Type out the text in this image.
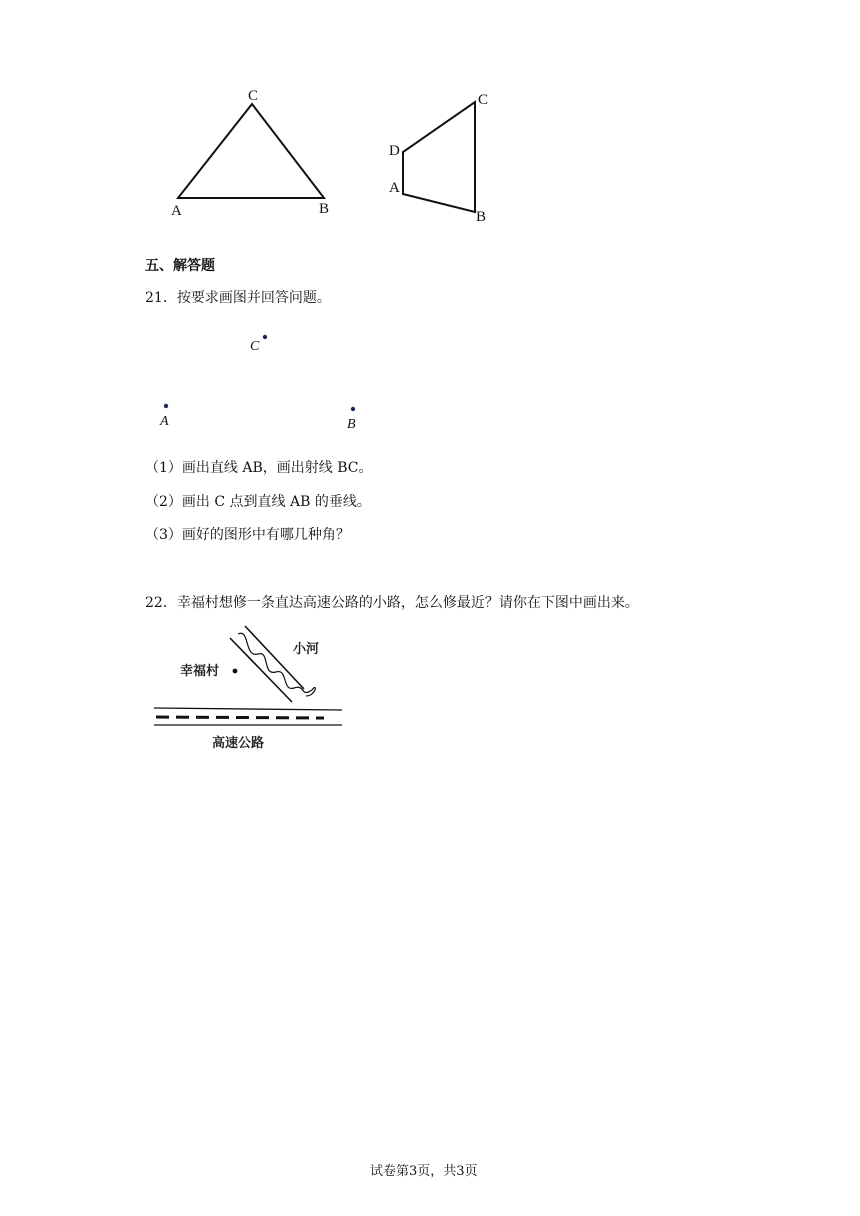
A	B
C
A
B
C
D
五、解答题
21．按要求画图并回答问题。
C
A	B
（1）画出直线 AB，画出射线 BC。
（2）画出 C 点到直线 AB 的垂线。
（3）画好的图形中有哪几种角？
22．幸福村想修一条直达高速公路的小路，怎么修最近？请你在下图中画出来。
小河
幸福村
高速公路
试卷第3页，共3页
